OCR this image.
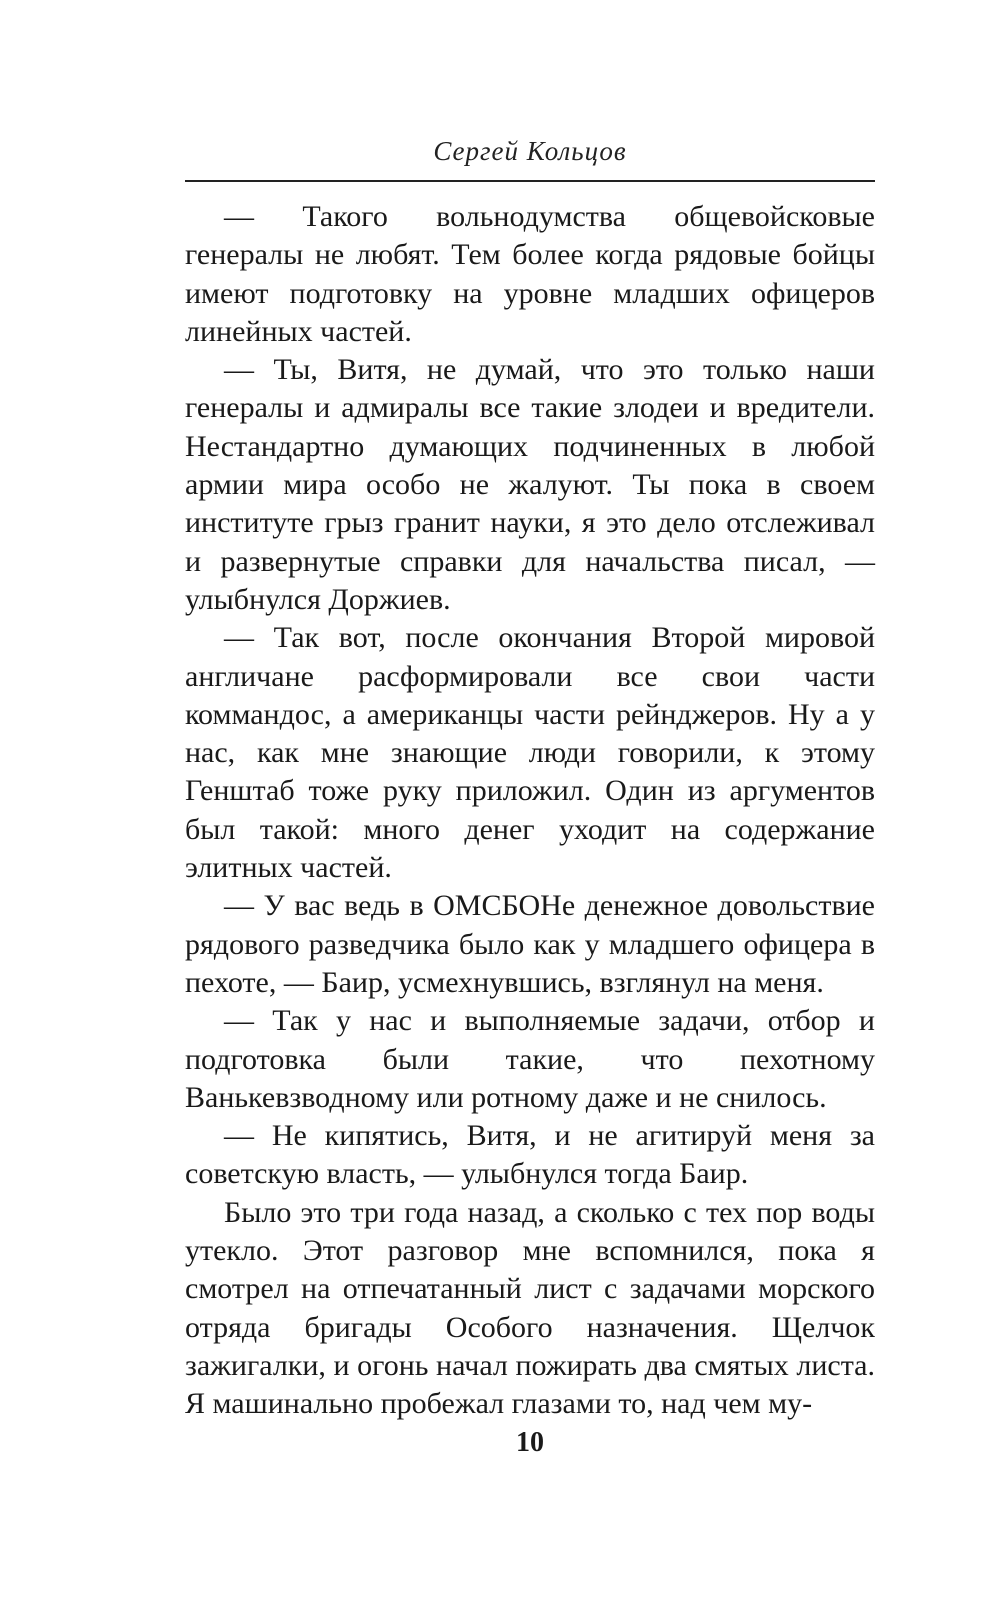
Сергей Кольцов

— Такого вольнодумства общевойсковые генералы не любят. Тем более когда рядовые бойцы имеют подготовку на уровне младших офицеров линейных частей.

— Ты, Витя, не думай, что это только наши генералы и адмиралы все такие злодеи и вредители. Нестандартно думающих подчиненных в любой армии мира особо не жалуют. Ты пока в своем институте грыз гранит науки, я это дело отслеживал и развернутые справки для начальства писал, — улыбнулся Доржиев.

— Так вот, после окончания Второй мировой англичане расформировали все свои части коммандос, а американцы части рейнджеров. Ну а у нас, как мне знающие люди говорили, к этому Генштаб тоже руку приложил. Один из аргументов был такой: много денег уходит на содержание элитных частей.

— У вас ведь в ОМСБОНе денежное довольствие рядового разведчика было как у младшего офицера в пехоте, — Баир, усмехнувшись, взглянул на меня.

— Так у нас и выполняемые задачи, отбор и подготовка были такие, что пехотному Ванькевзводному или ротному даже и не снилось.

— Не кипятись, Витя, и не агитируй меня за советскую власть, — улыбнулся тогда Баир.

Было это три года назад, а сколько с тех пор воды утекло. Этот разговор мне вспомнился, пока я смотрел на отпечатанный лист с задачами морского отряда бригады Особого назначения. Щелчок зажигалки, и огонь начал пожирать два смятых листа. Я машинально пробежал глазами то, над чем му-

10
